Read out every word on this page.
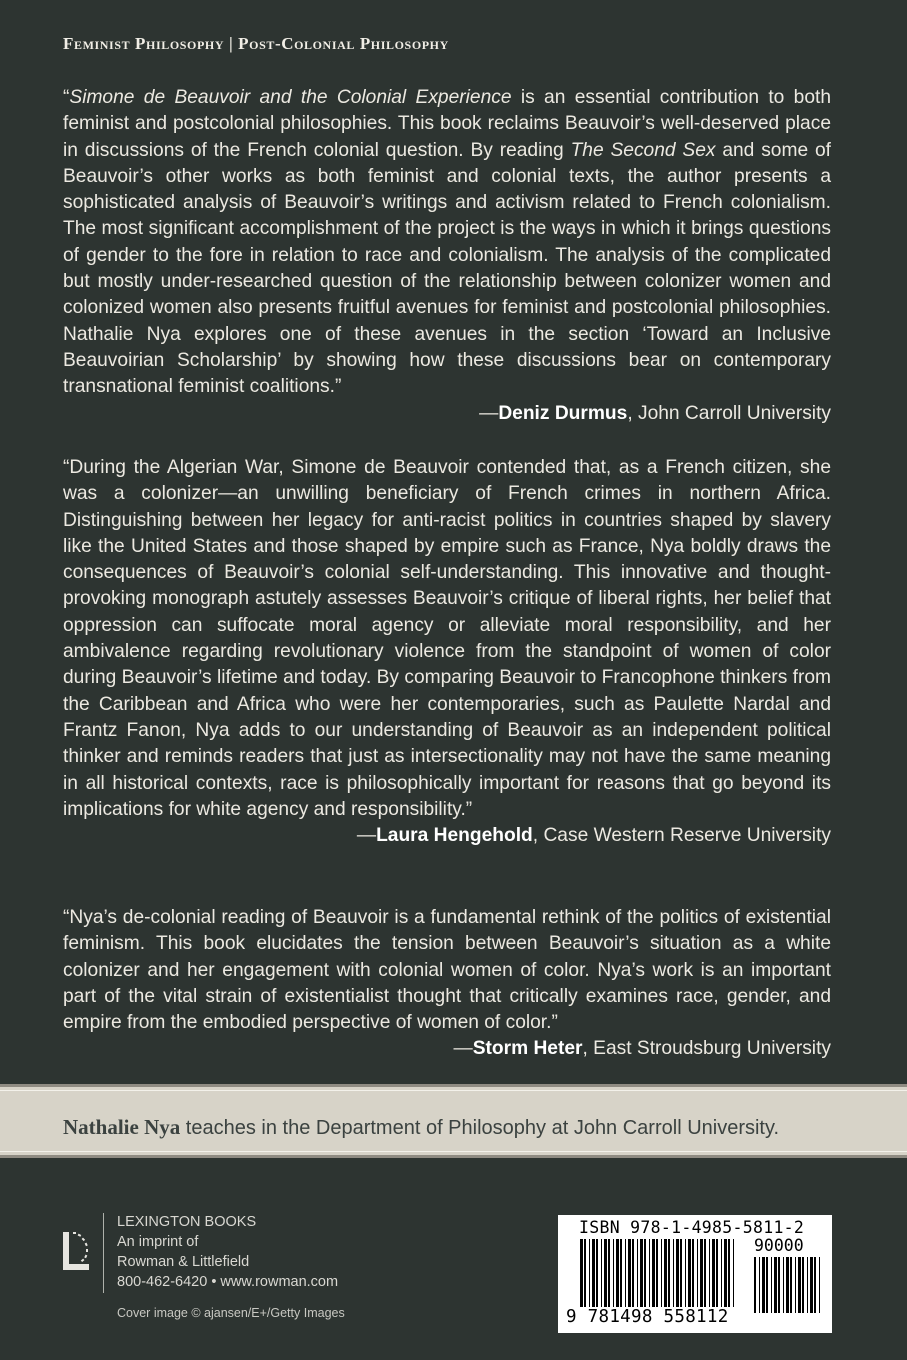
Feminist Philosophy | Post-Colonial Philosophy
“Simone de Beauvoir and the Colonial Experience is an essential contribution to both feminist and postcolonial philosophies. This book reclaims Beauvoir’s well-deserved place in discussions of the French colonial question. By reading The Second Sex and some of Beauvoir’s other works as both feminist and colonial texts, the author presents a sophisticated analysis of Beauvoir’s writings and activism related to French colonialism. The most significant accomplishment of the project is the ways in which it brings questions of gender to the fore in relation to race and colonialism. The analysis of the complicated but mostly under-researched question of the relationship between colonizer women and colonized women also presents fruitful avenues for feminist and postcolonial philosophies. Nathalie Nya explores one of these avenues in the section ‘Toward an Inclusive Beauvoirian Scholarship’ by showing how these discussions bear on contemporary transnational feminist coalitions.”
—Deniz Durmus, John Carroll University
“During the Algerian War, Simone de Beauvoir contended that, as a French citizen, she was a colonizer—an unwilling beneficiary of French crimes in northern Africa. Distinguishing between her legacy for anti-racist politics in countries shaped by slavery like the United States and those shaped by empire such as France, Nya boldly draws the consequences of Beauvoir’s colonial self-understanding. This innovative and thought-provoking monograph astutely assesses Beauvoir’s critique of liberal rights, her belief that oppression can suffocate moral agency or alleviate moral responsibility, and her ambivalence regarding revolutionary violence from the standpoint of women of color during Beauvoir’s lifetime and today. By comparing Beauvoir to Francophone thinkers from the Caribbean and Africa who were her contemporaries, such as Paulette Nardal and Frantz Fanon, Nya adds to our understanding of Beauvoir as an independent political thinker and reminds readers that just as intersectionality may not have the same meaning in all historical contexts, race is philosophically important for reasons that go beyond its implications for white agency and responsibility.”
—Laura Hengehold, Case Western Reserve University
“Nya’s de-colonial reading of Beauvoir is a fundamental rethink of the politics of existential feminism. This book elucidates the tension between Beauvoir’s situation as a white colonizer and her engagement with colonial women of color. Nya’s work is an important part of the vital strain of existentialist thought that critically examines race, gender, and empire from the embodied perspective of women of color.”
—Storm Heter, East Stroudsburg University
Nathalie Nya teaches in the Department of Philosophy at John Carroll University.
LEXINGTON BOOKS
An imprint of
Rowman & Littlefield
800-462-6420 • www.rowman.com
Cover image © ajansen/E+/Getty Images
ISBN 978-1-4985-5811-2
90000
9 781498 558112
